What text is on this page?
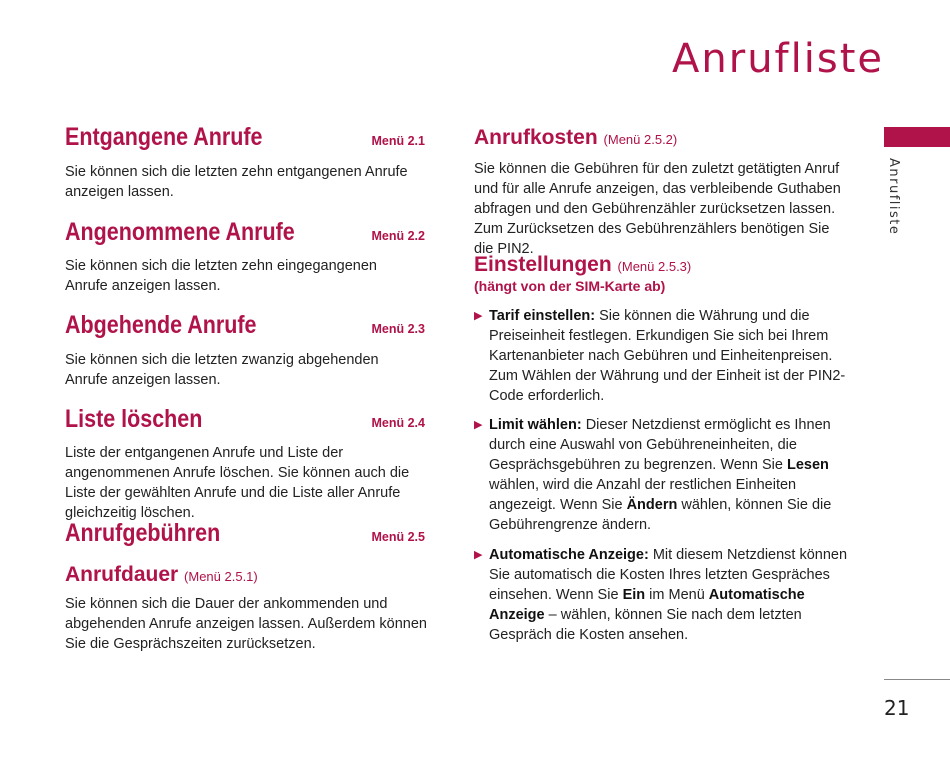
Anrufliste
Anrufliste
21
Entgangene Anrufe	Menü 2.1
Sie können sich die letzten zehn entgangenen Anrufe anzeigen lassen.
Angenommene Anrufe	Menü 2.2
Sie können sich die letzten zehn eingegangenen Anrufe anzeigen lassen.
Abgehende Anrufe	Menü 2.3
Sie können sich die letzten zwanzig abgehenden Anrufe anzeigen lassen.
Liste löschen	Menü 2.4
Liste der entgangenen Anrufe und Liste der angenommenen Anrufe löschen. Sie können auch die Liste der gewählten Anrufe und die Liste aller Anrufe gleichzeitig löschen.
Anrufgebühren	Menü 2.5
Anrufdauer (Menü 2.5.1)
Sie können sich die Dauer der ankommenden und abgehenden Anrufe anzeigen lassen. Außerdem können Sie die Gesprächszeiten zurücksetzen.
Anrufkosten (Menü 2.5.2)
Sie können die Gebühren für den zuletzt getätigten Anruf und für alle Anrufe anzeigen, das verbleibende Guthaben abfragen und den Gebührenzähler zurücksetzen lassen. Zum Zurücksetzen des Gebührenzählers benötigen Sie die PIN2.
Einstellungen (Menü 2.5.3)
(hängt von der SIM-Karte ab)
▶ Tarif einstellen: Sie können die Währung und die Preiseinheit festlegen. Erkundigen Sie sich bei Ihrem Kartenanbieter nach Gebühren und Einheitenpreisen. Zum Wählen der Währung und der Einheit ist der PIN2-Code erforderlich.
▶ Limit wählen: Dieser Netzdienst ermöglicht es Ihnen durch eine Auswahl von Gebühreneinheiten, die Gesprächsgebühren zu begrenzen. Wenn Sie Lesen wählen, wird die Anzahl der restlichen Einheiten angezeigt. Wenn Sie Ändern wählen, können Sie die Gebührengrenze ändern.
▶ Automatische Anzeige: Mit diesem Netzdienst können Sie automatisch die Kosten Ihres letzten Gespräches einsehen. Wenn Sie Ein im Menü Automatische Anzeige – wählen, können Sie nach dem letzten Gespräch die Kosten ansehen.
